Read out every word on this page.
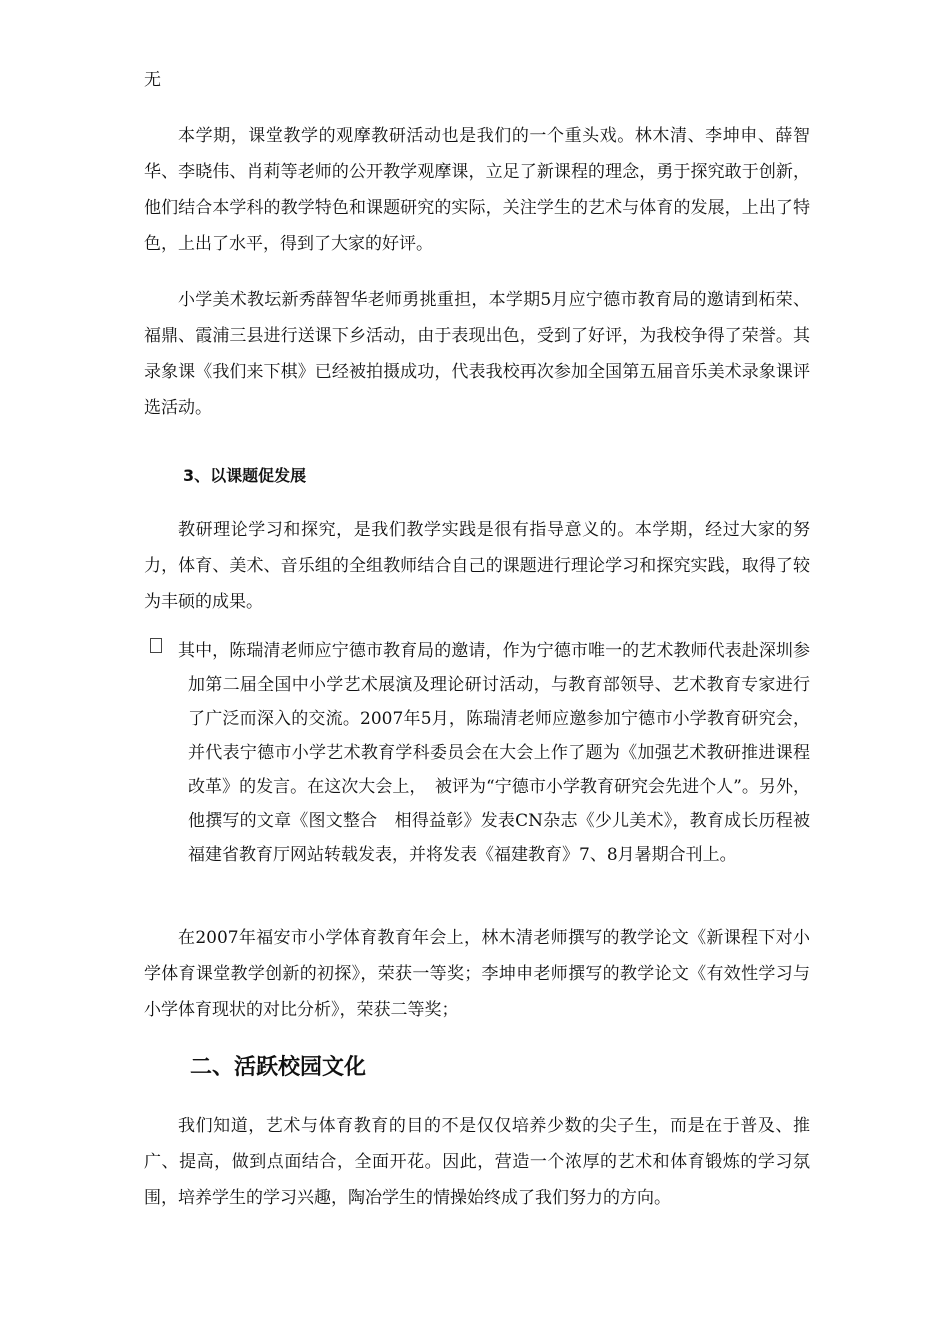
无

本学期，课堂教学的观摩教研活动也是我们的一个重头戏。林木清、李坤申、薛智华、李晓伟、肖莉等老师的公开教学观摩课，立足了新课程的理念，勇于探究敢于创新，他们结合本学科的教学特色和课题研究的实际，关注学生的艺术与体育的发展，上出了特色，上出了水平，得到了大家的好评。

小学美术教坛新秀薛智华老师勇挑重担，本学期5月应宁德市教育局的邀请到柘荣、福鼎、霞浦三县进行送课下乡活动，由于表现出色，受到了好评，为我校争得了荣誉。其录象课《我们来下棋》已经被拍摄成功，代表我校再次参加全国第五届音乐美术录象课评选活动。

3、以课题促发展

教研理论学习和探究，是我们教学实践是很有指导意义的。本学期，经过大家的努力，体育、美术、音乐组的全组教师结合自己的课题进行理论学习和探究实践，取得了较为丰硕的成果。

其中，陈瑞清老师应宁德市教育局的邀请，作为宁德市唯一的艺术教师代表赴深圳参加第二届全国中小学艺术展演及理论研讨活动，与教育部领导、艺术教育专家进行了广泛而深入的交流。2007年5月，陈瑞清老师应邀参加宁德市小学教育研究会，并代表宁德市小学艺术教育学科委员会在大会上作了题为《加强艺术教研推进课程改革》的发言。在这次大会上，　被评为“宁德市小学教育研究会先进个人”。另外，他撰写的文章《图文整合　相得益彰》发表CN杂志《少儿美术》，教育成长历程被福建省教育厅网站转载发表，并将发表《福建教育》7、8月暑期合刊上。

在2007年福安市小学体育教育年会上，林木清老师撰写的教学论文《新课程下对小学体育课堂教学创新的初探》，荣获一等奖；李坤申老师撰写的教学论文《有效性学习与小学体育现状的对比分析》，荣获二等奖；

二、活跃校园文化

我们知道，艺术与体育教育的目的不是仅仅培养少数的尖子生，而是在于普及、推广、提高，做到点面结合，全面开花。因此，营造一个浓厚的艺术和体育锻炼的学习氛围，培养学生的学习兴趣，陶冶学生的情操始终成了我们努力的方向。
